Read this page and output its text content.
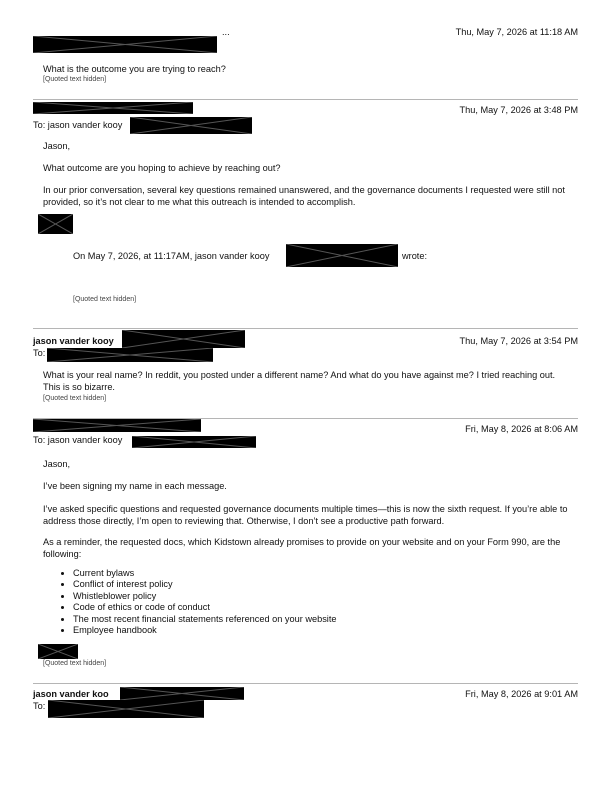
...	Thu, May 7, 2026 at 11:18 AM
What is the outcome you are trying to reach?
[Quoted text hidden]
Thu, May 7, 2026 at 3:48 PM
To: jason vander kooy
Jason,
What outcome are you hoping to achieve by reaching out?
In our prior conversation, several key questions remained unanswered, and the governance documents I requested were still not provided, so it’s not clear to me what this outreach is intended to accomplish.
On May 7, 2026, at 11:17AM, jason vander kooy	wrote:
[Quoted text hidden]
jason vander kooy	Thu, May 7, 2026 at 3:54 PM
To:
What is your real name? In reddit, you posted under a different name? And what do you have against me? I tried reaching out. This is so bizarre.
[Quoted text hidden]
Fri, May 8, 2026 at 8:06 AM
To: jason vander kooy
Jason,
I’ve been signing my name in each message.
I’ve asked specific questions and requested governance documents multiple times—this is now the sixth request. If you’re able to address those directly, I’m open to reviewing that. Otherwise, I don’t see a productive path forward.
As a reminder, the requested docs, which Kidstown already promises to provide on your website and on your Form 990, are the following:
• Current bylaws
• Conflict of interest policy
• Whistleblower policy
• Code of ethics or code of conduct
• The most recent financial statements referenced on your website
• Employee handbook
[Quoted text hidden]
jason vander koo	Fri, May 8, 2026 at 9:01 AM
To:
